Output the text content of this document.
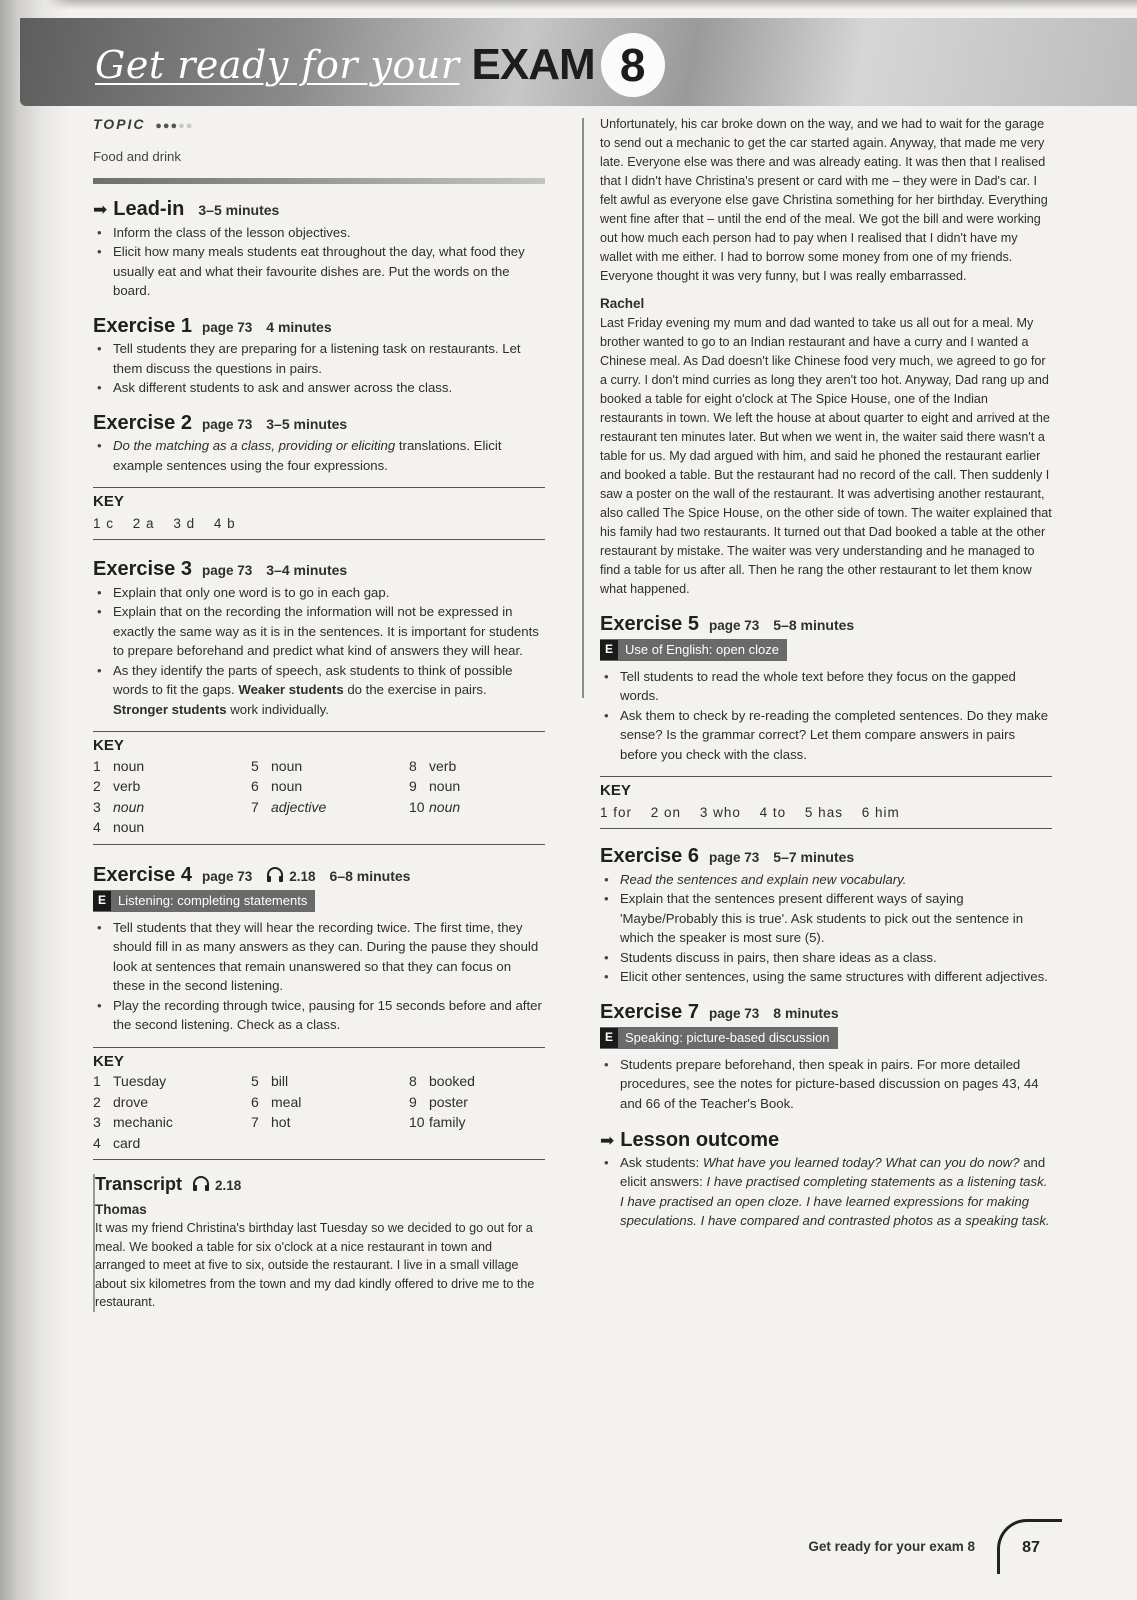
Get ready for your EXAM 8
TOPIC ●●●●●
Food and drink
➡ Lead-in 3–5 minutes
• Inform the class of the lesson objectives.
• Elicit how many meals students eat throughout the day, what food they usually eat and what their favourite dishes are. Put the words on the board.
Exercise 1 page 73 4 minutes
• Tell students they are preparing for a listening task on restaurants. Let them discuss the questions in pairs.
• Ask different students to ask and answer across the class.
Exercise 2 page 73 3–5 minutes
• Do the matching as a class, providing or eliciting translations. Elicit example sentences using the four expressions.
KEY
1 c 2 a 3 d 4 b
Exercise 3 page 73 3–4 minutes
• Explain that only one word is to go in each gap.
• Explain that on the recording the information will not be expressed in exactly the same way as it is in the sentences. It is important for students to prepare beforehand and predict what kind of answers they will hear.
• As they identify the parts of speech, ask students to think of possible words to fit the gaps. Weaker students do the exercise in pairs. Stronger students work individually.
KEY
1 noun	5 noun	8 verb
2 verb	6 noun	9 noun
3 noun	7 adjective	10 noun
4 noun
Exercise 4 page 73	2.18 6–8 minutes
E Listening: completing statements
• Tell students that they will hear the recording twice. The first time, they should fill in as many answers as they can. During the pause they should look at sentences that remain unanswered so that they can focus on these in the second listening.
• Play the recording through twice, pausing for 15 seconds before and after the second listening. Check as a class.
KEY
1 Tuesday	5 bill	8 booked
2 drove	6 meal	9 poster
3 mechanic	7 hot	10 family
4 card
Transcript 2.18
Thomas

It was my friend Christina's birthday last Tuesday so we decided to go out for a meal. We booked a table for six o'clock at a nice restaurant in town and arranged to meet at five to six, outside the restaurant. I live in a small village about six kilometres from the town and my dad kindly offered to drive me to the restaurant.

Unfortunately, his car broke down on the way, and we had to wait for the garage to send out a mechanic to get the car started again. Anyway, that made me very late. Everyone else was there and was already eating. It was then that I realised that I didn't have Christina's present or card with me – they were in Dad's car. I felt awful as everyone else gave Christina something for her birthday. Everything went fine after that – until the end of the meal. We got the bill and were working out how much each person had to pay when I realised that I didn't have my wallet with me either. I had to borrow some money from one of my friends. Everyone thought it was very funny, but I was really embarrassed.

Rachel

Last Friday evening my mum and dad wanted to take us all out for a meal. My brother wanted to go to an Indian restaurant and have a curry and I wanted a Chinese meal. As Dad doesn't like Chinese food very much, we agreed to go for a curry. I don't mind curries as long they aren't too hot. Anyway, Dad rang up and booked a table for eight o'clock at The Spice House, one of the Indian restaurants in town. We left the house at about quarter to eight and arrived at the restaurant ten minutes later. But when we went in, the waiter said there wasn't a table for us. My dad argued with him, and said he phoned the restaurant earlier and booked a table. But the restaurant had no record of the call. Then suddenly I saw a poster on the wall of the restaurant. It was advertising another restaurant, also called The Spice House, on the other side of town. The waiter explained that his family had two restaurants. It turned out that Dad booked a table at the other restaurant by mistake. The waiter was very understanding and he managed to find a table for us after all. Then he rang the other restaurant to let them know what happened.

Exercise 5 page 73 5–8 minutes
E Use of English: open cloze
• Tell students to read the whole text before they focus on the gapped words.
• Ask them to check by re-reading the completed sentences. Do they make sense? Is the grammar correct? Let them compare answers in pairs before you check with the class.
KEY
1 for 2 on 3 who 4 to 5 has 6 him
Exercise 6 page 73 5–7 minutes
• Read the sentences and explain new vocabulary.
• Explain that the sentences present different ways of saying 'Maybe/Probably this is true'. Ask students to pick out the sentence in which the speaker is most sure (5).
• Students discuss in pairs, then share ideas as a class.
• Elicit other sentences, using the same structures with different adjectives.
Exercise 7 page 73 8 minutes
E Speaking: picture-based discussion
• Students prepare beforehand, then speak in pairs. For more detailed procedures, see the notes for picture-based discussion on pages 43, 44 and 66 of the Teacher's Book.
➡ Lesson outcome
• Ask students: What have you learned today? What can you do now? and elicit answers: I have practised completing statements as a listening task. I have practised an open cloze. I have learned expressions for making speculations. I have compared and contrasted photos as a speaking task.
Get ready for your exam 8	87
